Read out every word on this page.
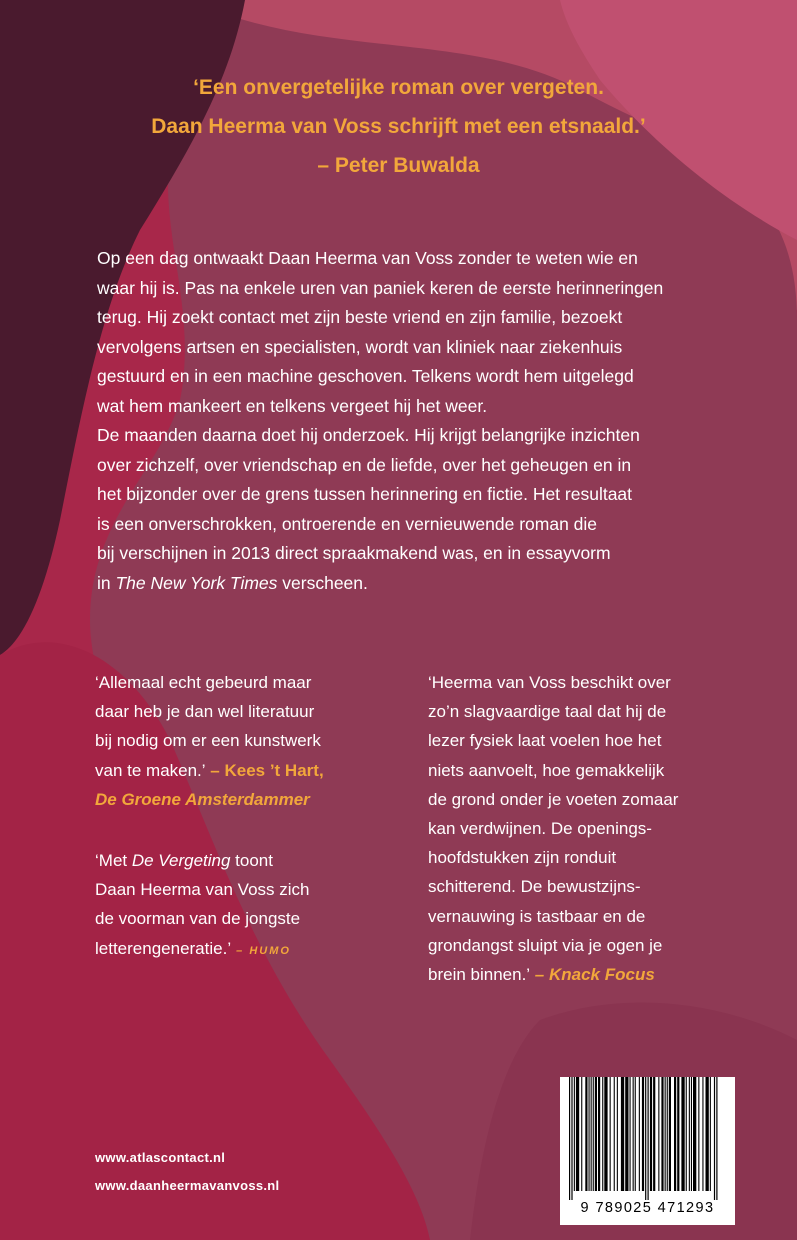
‘Een onvergetelijke roman over vergeten.
Daan Heerma van Voss schrijft met een etsnaald.’
– Peter Buwalda
Op een dag ontwaakt Daan Heerma van Voss zonder te weten wie en
waar hij is. Pas na enkele uren van paniek keren de eerste herinneringen
terug. Hij zoekt contact met zijn beste vriend en zijn familie, bezoekt
vervolgens artsen en specialisten, wordt van kliniek naar ziekenhuis
gestuurd en in een machine geschoven. Telkens wordt hem uitgelegd
wat hem mankeert en telkens vergeet hij het weer.
De maanden daarna doet hij onderzoek. Hij krijgt belangrijke inzichten
over zichzelf, over vriendschap en de liefde, over het geheugen en in
het bijzonder over de grens tussen herinnering en fictie. Het resultaat
is een onverschrokken, ontroerende en vernieuwende roman die
bij verschijnen in 2013 direct spraakmakend was, en in essayvorm
in The New York Times verscheen.
‘Allemaal echt gebeurd maar
daar heb je dan wel literatuur
bij nodig om er een kunstwerk
van te maken.’ – Kees ’t Hart,
De Groene Amsterdammer
‘Met De Vergeting toont
Daan Heerma van Voss zich
de voorman van de jongste
letterengeneratie.’ – HUMO
‘Heerma van Voss beschikt over
zo’n slagvaardige taal dat hij de
lezer fysiek laat voelen hoe het
niets aanvoelt, hoe gemakkelijk
de grond onder je voeten zomaar
kan verdwijnen. De openings-
hoofdstukken zijn ronduit
schitterend. De bewustzijns-
vernauwing is tastbaar en de
grondangst sluipt via je ogen je
brein binnen.’ – Knack Focus
www.atlascontact.nl
www.daanheermavanvoss.nl
9 789025 471293
